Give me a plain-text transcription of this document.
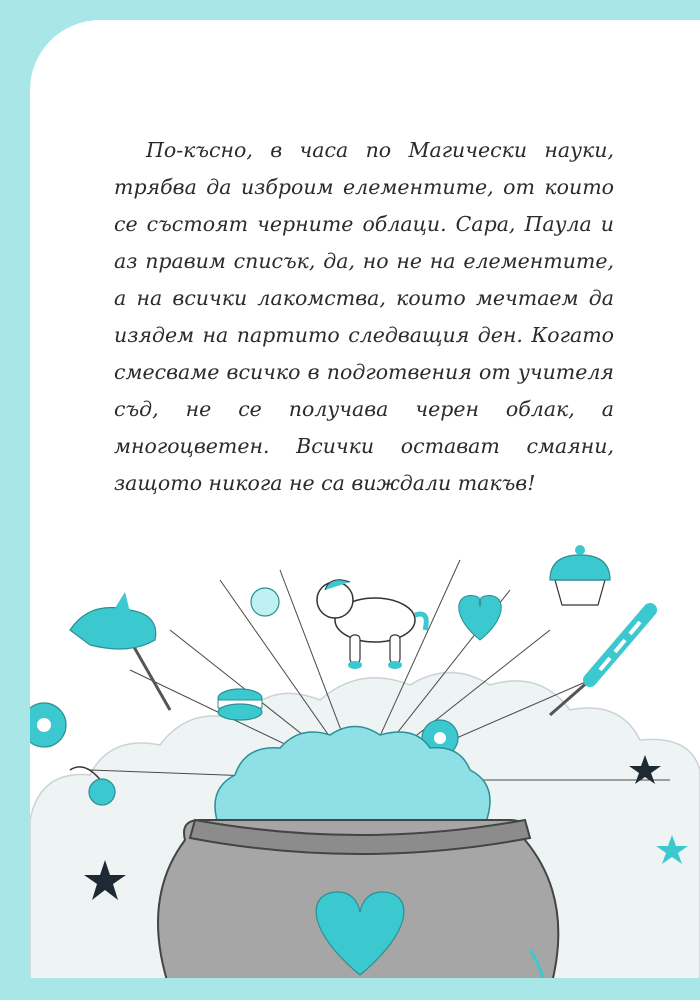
По-късно, в часа по Магически науки, трябва да изброим елементите, от които се състоят черните облаци. Сара, Паула и аз правим списък, да, но не на елементите, а на всички лакомства, които мечтаем да изядем на партито следващия ден. Когато смесваме всичко в подготвения от учителя съд, не се получава черен облак, а многоцветен. Всички остават смаяни, защото никога не са виждали такъв!
